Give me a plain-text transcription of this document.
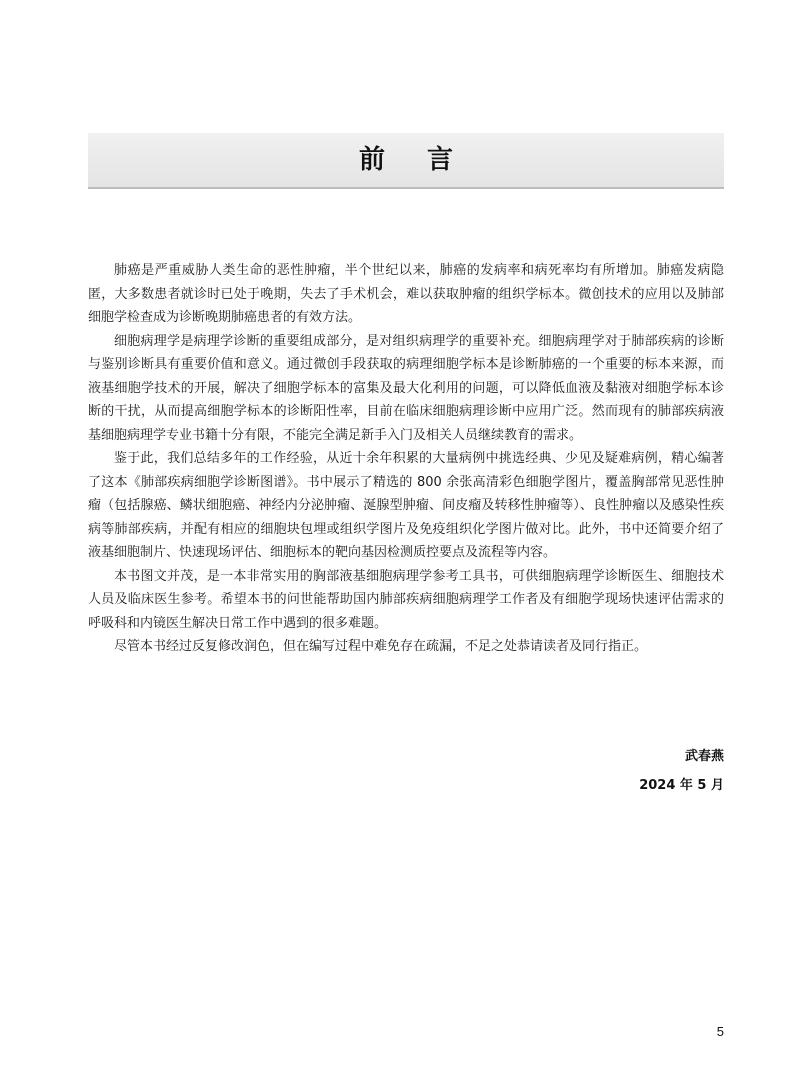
前言

肺癌是严重威胁人类生命的恶性肿瘤，半个世纪以来，肺癌的发病率和病死率均有所增加。肺癌发病隐匿，大多数患者就诊时已处于晚期，失去了手术机会，难以获取肿瘤的组织学标本。微创技术的应用以及肺部细胞学检查成为诊断晚期肺癌患者的有效方法。

细胞病理学是病理学诊断的重要组成部分，是对组织病理学的重要补充。细胞病理学对于肺部疾病的诊断与鉴别诊断具有重要价值和意义。通过微创手段获取的病理细胞学标本是诊断肺癌的一个重要的标本来源，而液基细胞学技术的开展，解决了细胞学标本的富集及最大化利用的问题，可以降低血液及黏液对细胞学标本诊断的干扰，从而提高细胞学标本的诊断阳性率，目前在临床细胞病理诊断中应用广泛。然而现有的肺部疾病液基细胞病理学专业书籍十分有限，不能完全满足新手入门及相关人员继续教育的需求。

鉴于此，我们总结多年的工作经验，从近十余年积累的大量病例中挑选经典、少见及疑难病例，精心编著了这本《肺部疾病细胞学诊断图谱》。书中展示了精选的 800 余张高清彩色细胞学图片，覆盖胸部常见恶性肿瘤（包括腺癌、鳞状细胞癌、神经内分泌肿瘤、涎腺型肿瘤、间皮瘤及转移性肿瘤等）、良性肿瘤以及感染性疾病等肺部疾病，并配有相应的细胞块包埋或组织学图片及免疫组织化学图片做对比。此外，书中还简要介绍了液基细胞制片、快速现场评估、细胞标本的靶向基因检测质控要点及流程等内容。

本书图文并茂，是一本非常实用的胸部液基细胞病理学参考工具书，可供细胞病理学诊断医生、细胞技术人员及临床医生参考。希望本书的问世能帮助国内肺部疾病细胞病理学工作者及有细胞学现场快速评估需求的呼吸科和内镜医生解决日常工作中遇到的很多难题。

尽管本书经过反复修改润色，但在编写过程中难免存在疏漏，不足之处恭请读者及同行指正。

武春燕
2024 年 5 月
5
